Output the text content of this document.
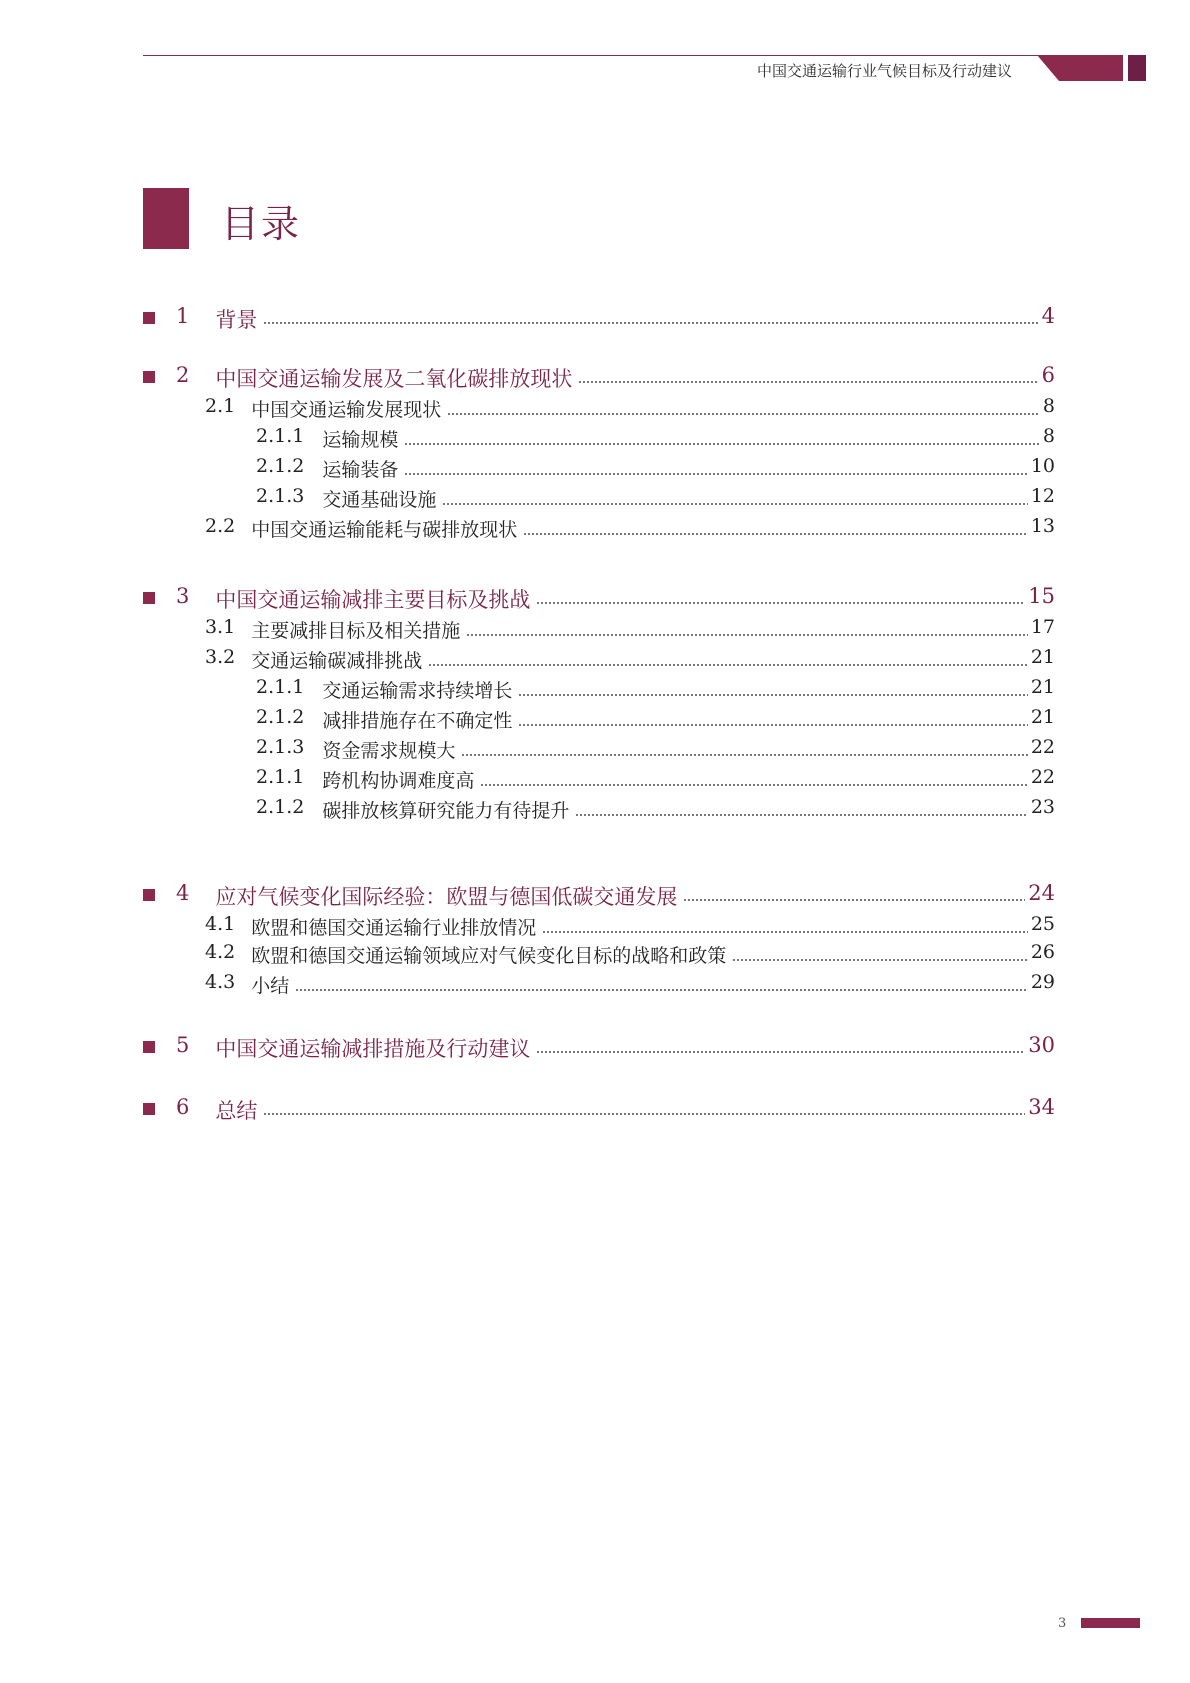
中国交通运输行业气候目标及行动建议
目录
1 背景	4
2 中国交通运输发展及二氧化碳排放现状	6
2.1 中国交通运输发展现状	8
2.1.1 运输规模	8
2.1.2 运输装备	10
2.1.3 交通基础设施	12
2.2 中国交通运输能耗与碳排放现状	13
3 中国交通运输减排主要目标及挑战	15
3.1 主要减排目标及相关措施	17
3.2 交通运输碳减排挑战	21
2.1.1 交通运输需求持续增长	21
2.1.2 减排措施存在不确定性	21
2.1.3 资金需求规模大	22
2.1.1 跨机构协调难度高	22
2.1.2 碳排放核算研究能力有待提升	23
4 应对气候变化国际经验：欧盟与德国低碳交通发展	24
4.1 欧盟和德国交通运输行业排放情况	25
4.2 欧盟和德国交通运输领域应对气候变化目标的战略和政策	26
4.3 小结	29
5 中国交通运输减排措施及行动建议	30
6 总结	34
3
